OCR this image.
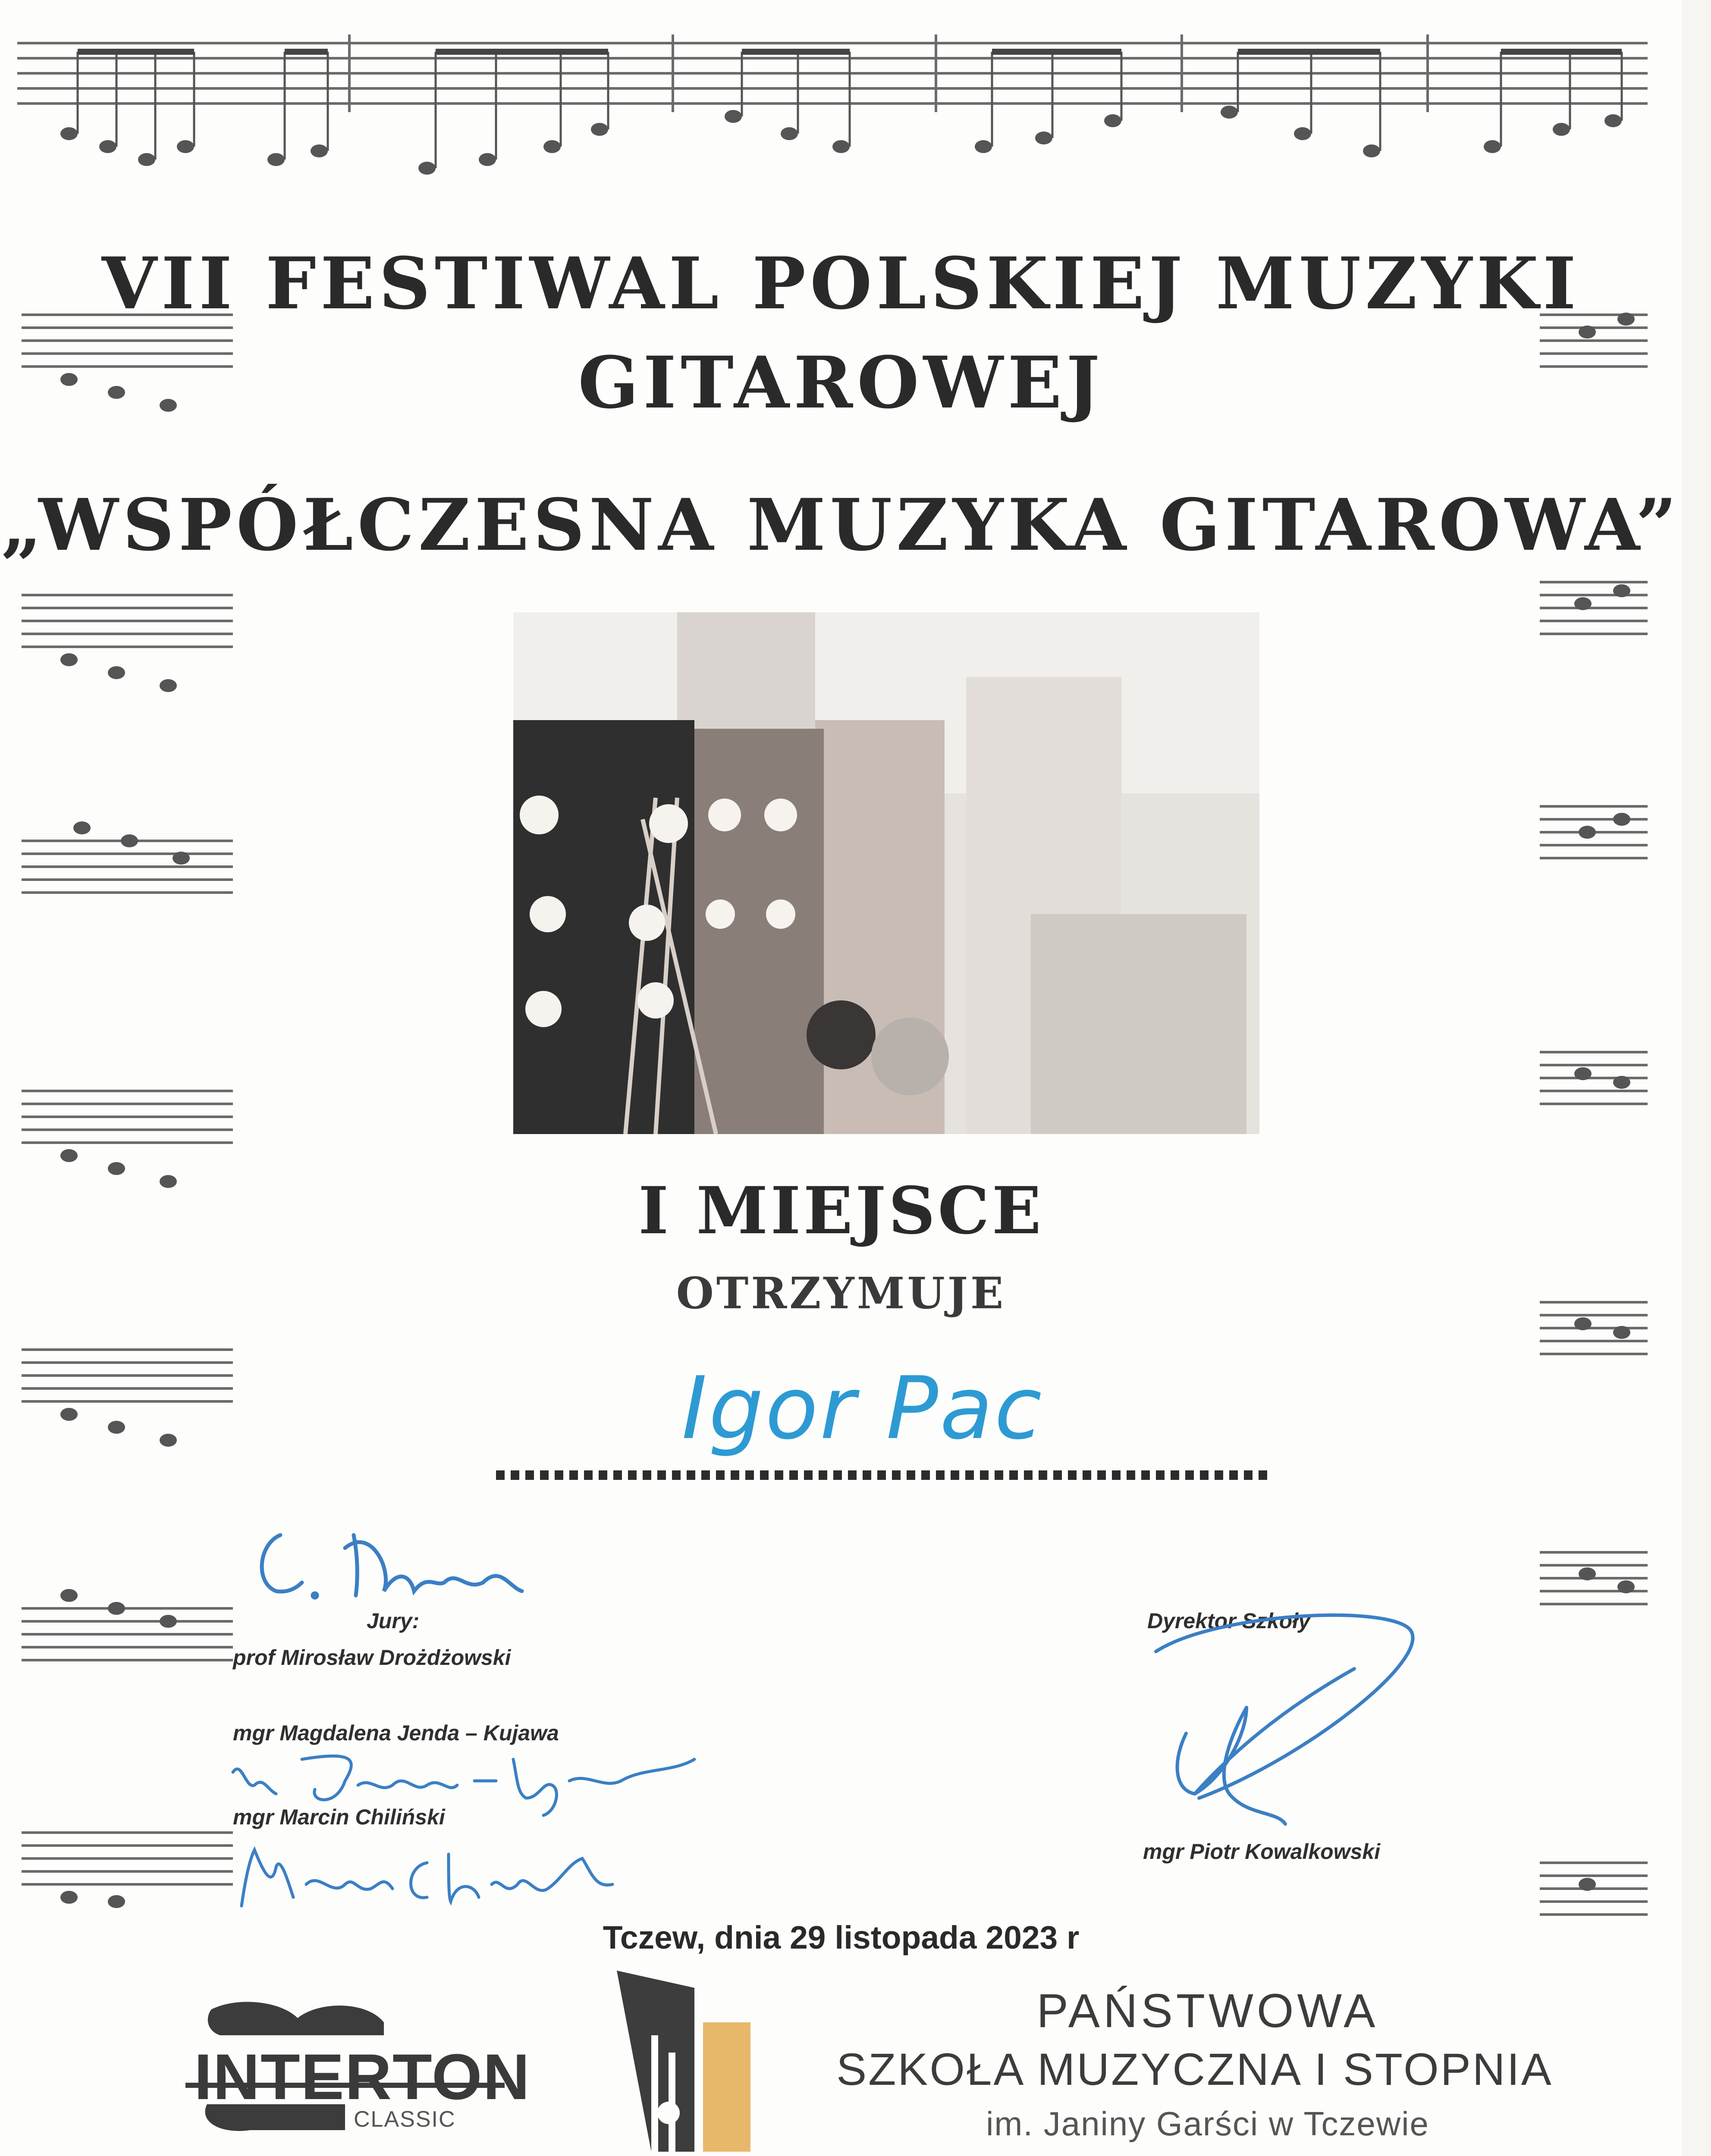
VII FESTIWAL POLSKIEJ MUZYKI
GITAROWEJ
„WSPÓŁCZESNA MUZYKA GITAROWA”
I MIEJSCE
OTRZYMUJE
Igor Pac
Jury:
prof Mirosław Drożdżowski
mgr Magdalena Jenda – Kujawa
mgr Marcin Chiliński
Dyrektor Szkoły
mgr Piotr Kowalkowski
Tczew, dnia 29 listopada 2023 r
INTERTON
CLASSIC
PAŃSTWOWA
SZKOŁA MUZYCZNA I STOPNIA
im. Janiny Garści w Tczewie
